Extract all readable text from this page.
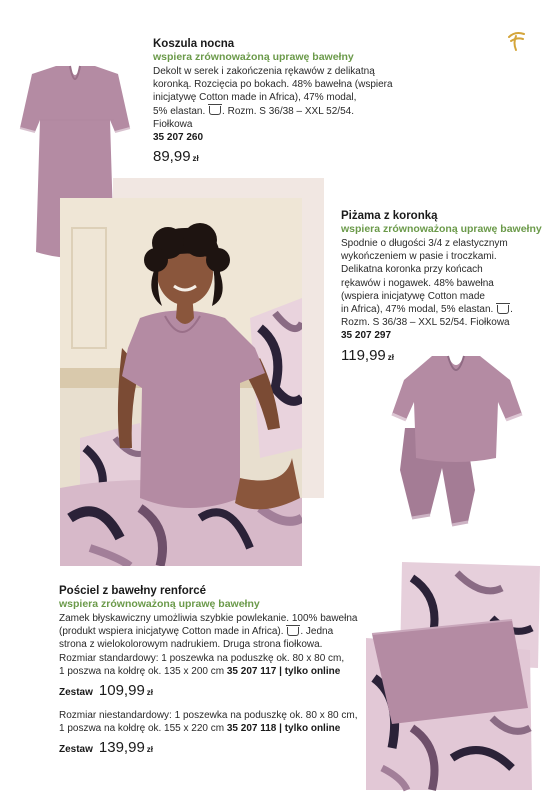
Koszula nocna
wspiera zrównoważoną uprawę bawełny
Dekolt w serek i zakończenia rękawów z delikatną
koronką. Rozcięcia po bokach. 48% bawełna (wspiera
inicjatywę Cotton made in Africa), 47% modal,
5% elastan. . Rozm. S 36/38 – XXL 52/54.
Fiołkowa
35 207 260
89,99 zł
Piżama z koronką
wspiera zrównoważoną uprawę bawełny
Spodnie o długości 3/4 z elastycznym
wykończeniem w pasie i troczkami.
Delikatna koronka przy końcach
rękawów i nogawek. 48% bawełna
(wspiera inicjatywę Cotton made
in Africa), 47% modal, 5% elastan. .
Rozm. S 36/38 – XXL 52/54. Fiołkowa
35 207 297
119,99 zł
Pościel z bawełny renforcé
wspiera zrównoważoną uprawę bawełny
Zamek błyskawiczny umożliwia szybkie powlekanie. 100% bawełna
(produkt wspiera inicjatywę Cotton made in Africa). . Jedna
strona z wielokolorowym nadrukiem. Druga strona fiołkowa.
Rozmiar standardowy: 1 poszewka na poduszkę ok. 80 x 80 cm,
1 poszwa na kołdrę ok. 135 x 200 cm 35 207 117 | tylko online
Zestaw 109,99 zł
Rozmiar niestandardowy: 1 poszewka na poduszkę ok. 80 x 80 cm,
1 poszwa na kołdrę ok. 155 x 220 cm 35 207 118 | tylko online
Zestaw 139,99 zł
